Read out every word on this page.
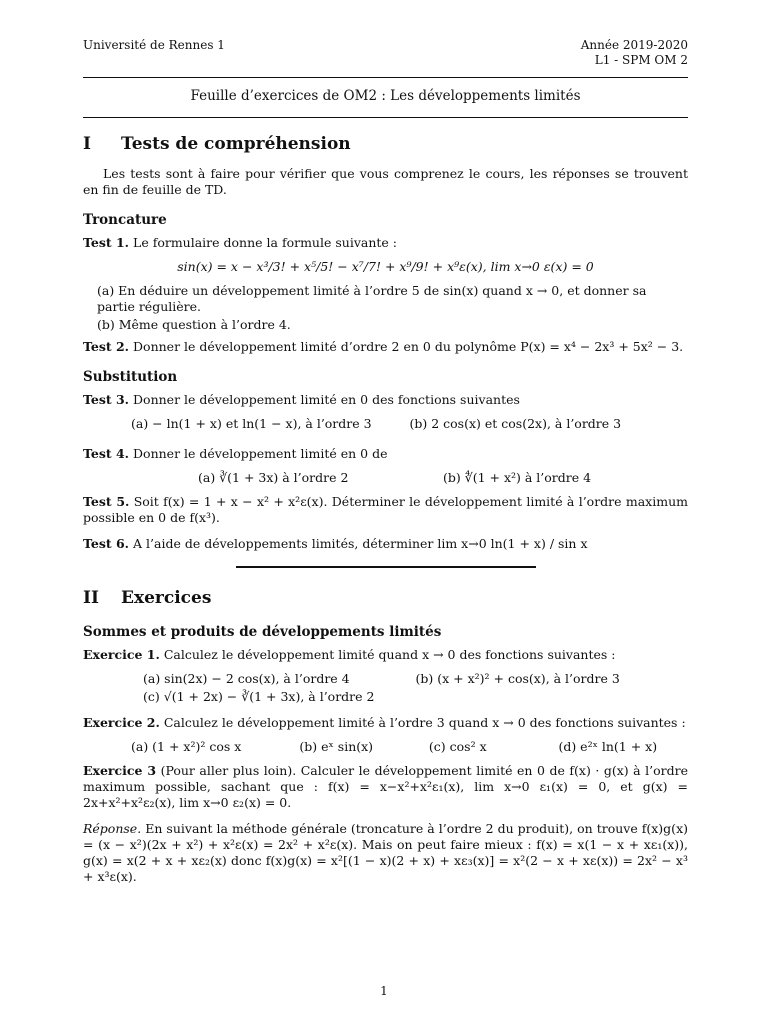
Université de Rennes 1	Année 2019-2020
L1 - SPM OM 2
Feuille d’exercices de OM2 : Les développements limités
I	Tests de compréhension

Les tests sont à faire pour vérifier que vous comprenez le cours, les réponses se trouvent en fin de feuille de TD.

Troncature

Test 1. Le formulaire donne la formule suivante :

sin(x) = x − x³/3! + x⁵/5! − x⁷/7! + x⁹/9! + x⁹ε(x), lim x→0 ε(x) = 0
(a) En déduire un développement limité à l’ordre 5 de sin(x) quand x → 0, et donner sa partie régulière.
(b) Même question à l’ordre 4.

Test 2. Donner le développement limité d’ordre 2 en 0 du polynôme P(x) = x⁴ − 2x³ + 5x² − 3.

Substitution

Test 3. Donner le développement limité en 0 des fonctions suivantes

(a) − ln(1 + x) et ln(1 − x), à l’ordre 3	(b) 2 cos(x) et cos(2x), à l’ordre 3

Test 4. Donner le développement limité en 0 de

(a) ∛(1 + 3x) à l’ordre 2	(b) ∜(1 + x²) à l’ordre 4

Test 5. Soit f(x) = 1 + x − x² + x²ε(x). Déterminer le développement limité à l’ordre maximum possible en 0 de f(x³).

Test 6. A l’aide de développements limités, déterminer lim x→0 ln(1 + x) / sin x

II Exercices
Sommes et produits de développements limités

Exercice 1. Calculez le développement limité quand x → 0 des fonctions suivantes :

(a) sin(2x) − 2 cos(x), à l’ordre 4	(b) (x + x²)² + cos(x), à l’ordre 3
(c) √(1 + 2x) − ∛(1 + 3x), à l’ordre 2

Exercice 2. Calculez le développement limité à l’ordre 3 quand x → 0 des fonctions suivantes :

(a) (1 + x²)² cos x	(b) eˣ sin(x)	(c) cos² x	(d) e²ˣ ln(1 + x)

Exercice 3 (Pour aller plus loin). Calculer le développement limité en 0 de f(x) · g(x) à l’ordre maximum possible, sachant que : f(x) = x−x²+x²ε₁(x), lim x→0 ε₁(x) = 0, et g(x) = 2x+x²+x²ε₂(x), lim x→0 ε₂(x) = 0.

Réponse. En suivant la méthode générale (troncature à l’ordre 2 du produit), on trouve f(x)g(x) = (x − x²)(2x + x²) + x²ε(x) = 2x² + x²ε(x). Mais on peut faire mieux : f(x) = x(1 − x + xε₁(x)), g(x) = x(2 + x + xε₂(x) donc f(x)g(x) = x²[(1 − x)(2 + x) + xε₃(x)] = x²(2 − x + xε(x)) = 2x² − x³ + x³ε(x).

1
